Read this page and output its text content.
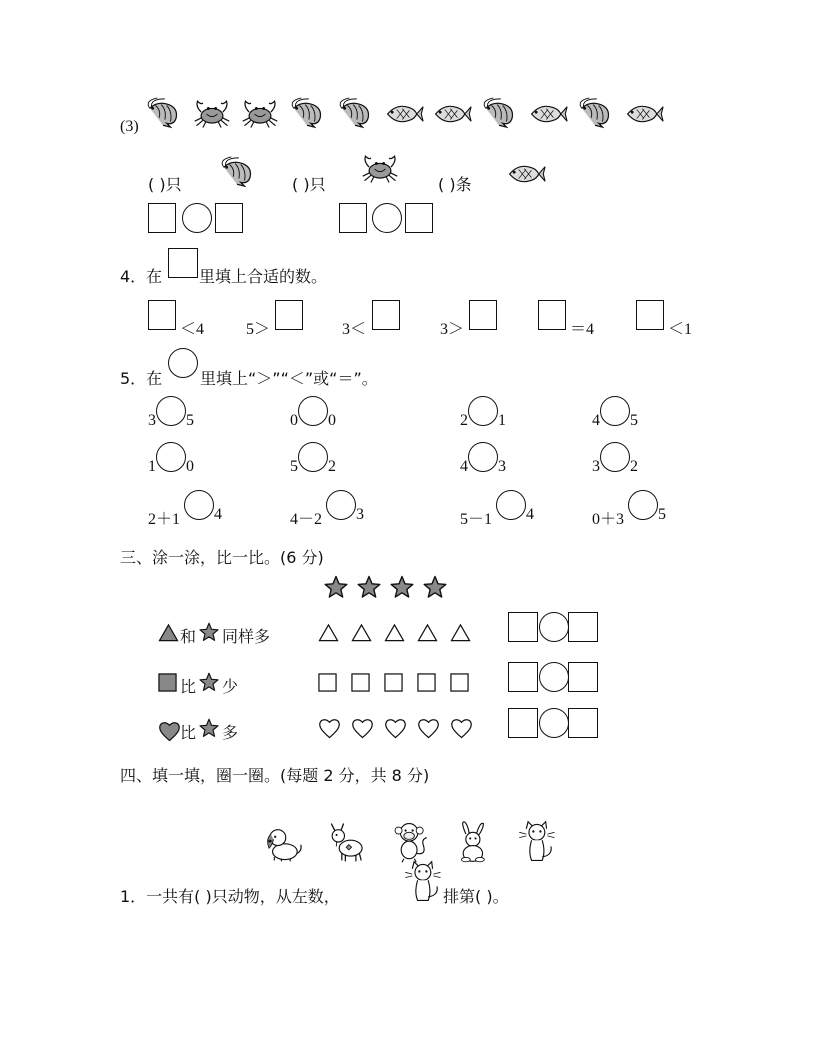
(3)
( )只	( )只	( )条
4．在 里填上合适的数。
＜4	5＞	3＜	3＞	＝4	＜1
5．在 里填上“＞”“＜”或“＝”。
3 5	0 0	2 1	4 5
1 0	5 2	4 3	3 2
2＋1 4	4－2 3	5－1 4	0＋3 5
三、涂一涂，比一比。(6 分)
和 同样多
比 少
比 多
四、填一填，圈一圈。(每题 2 分，共 8 分)
1．一共有( )只动物，从左数，	排第( )。
